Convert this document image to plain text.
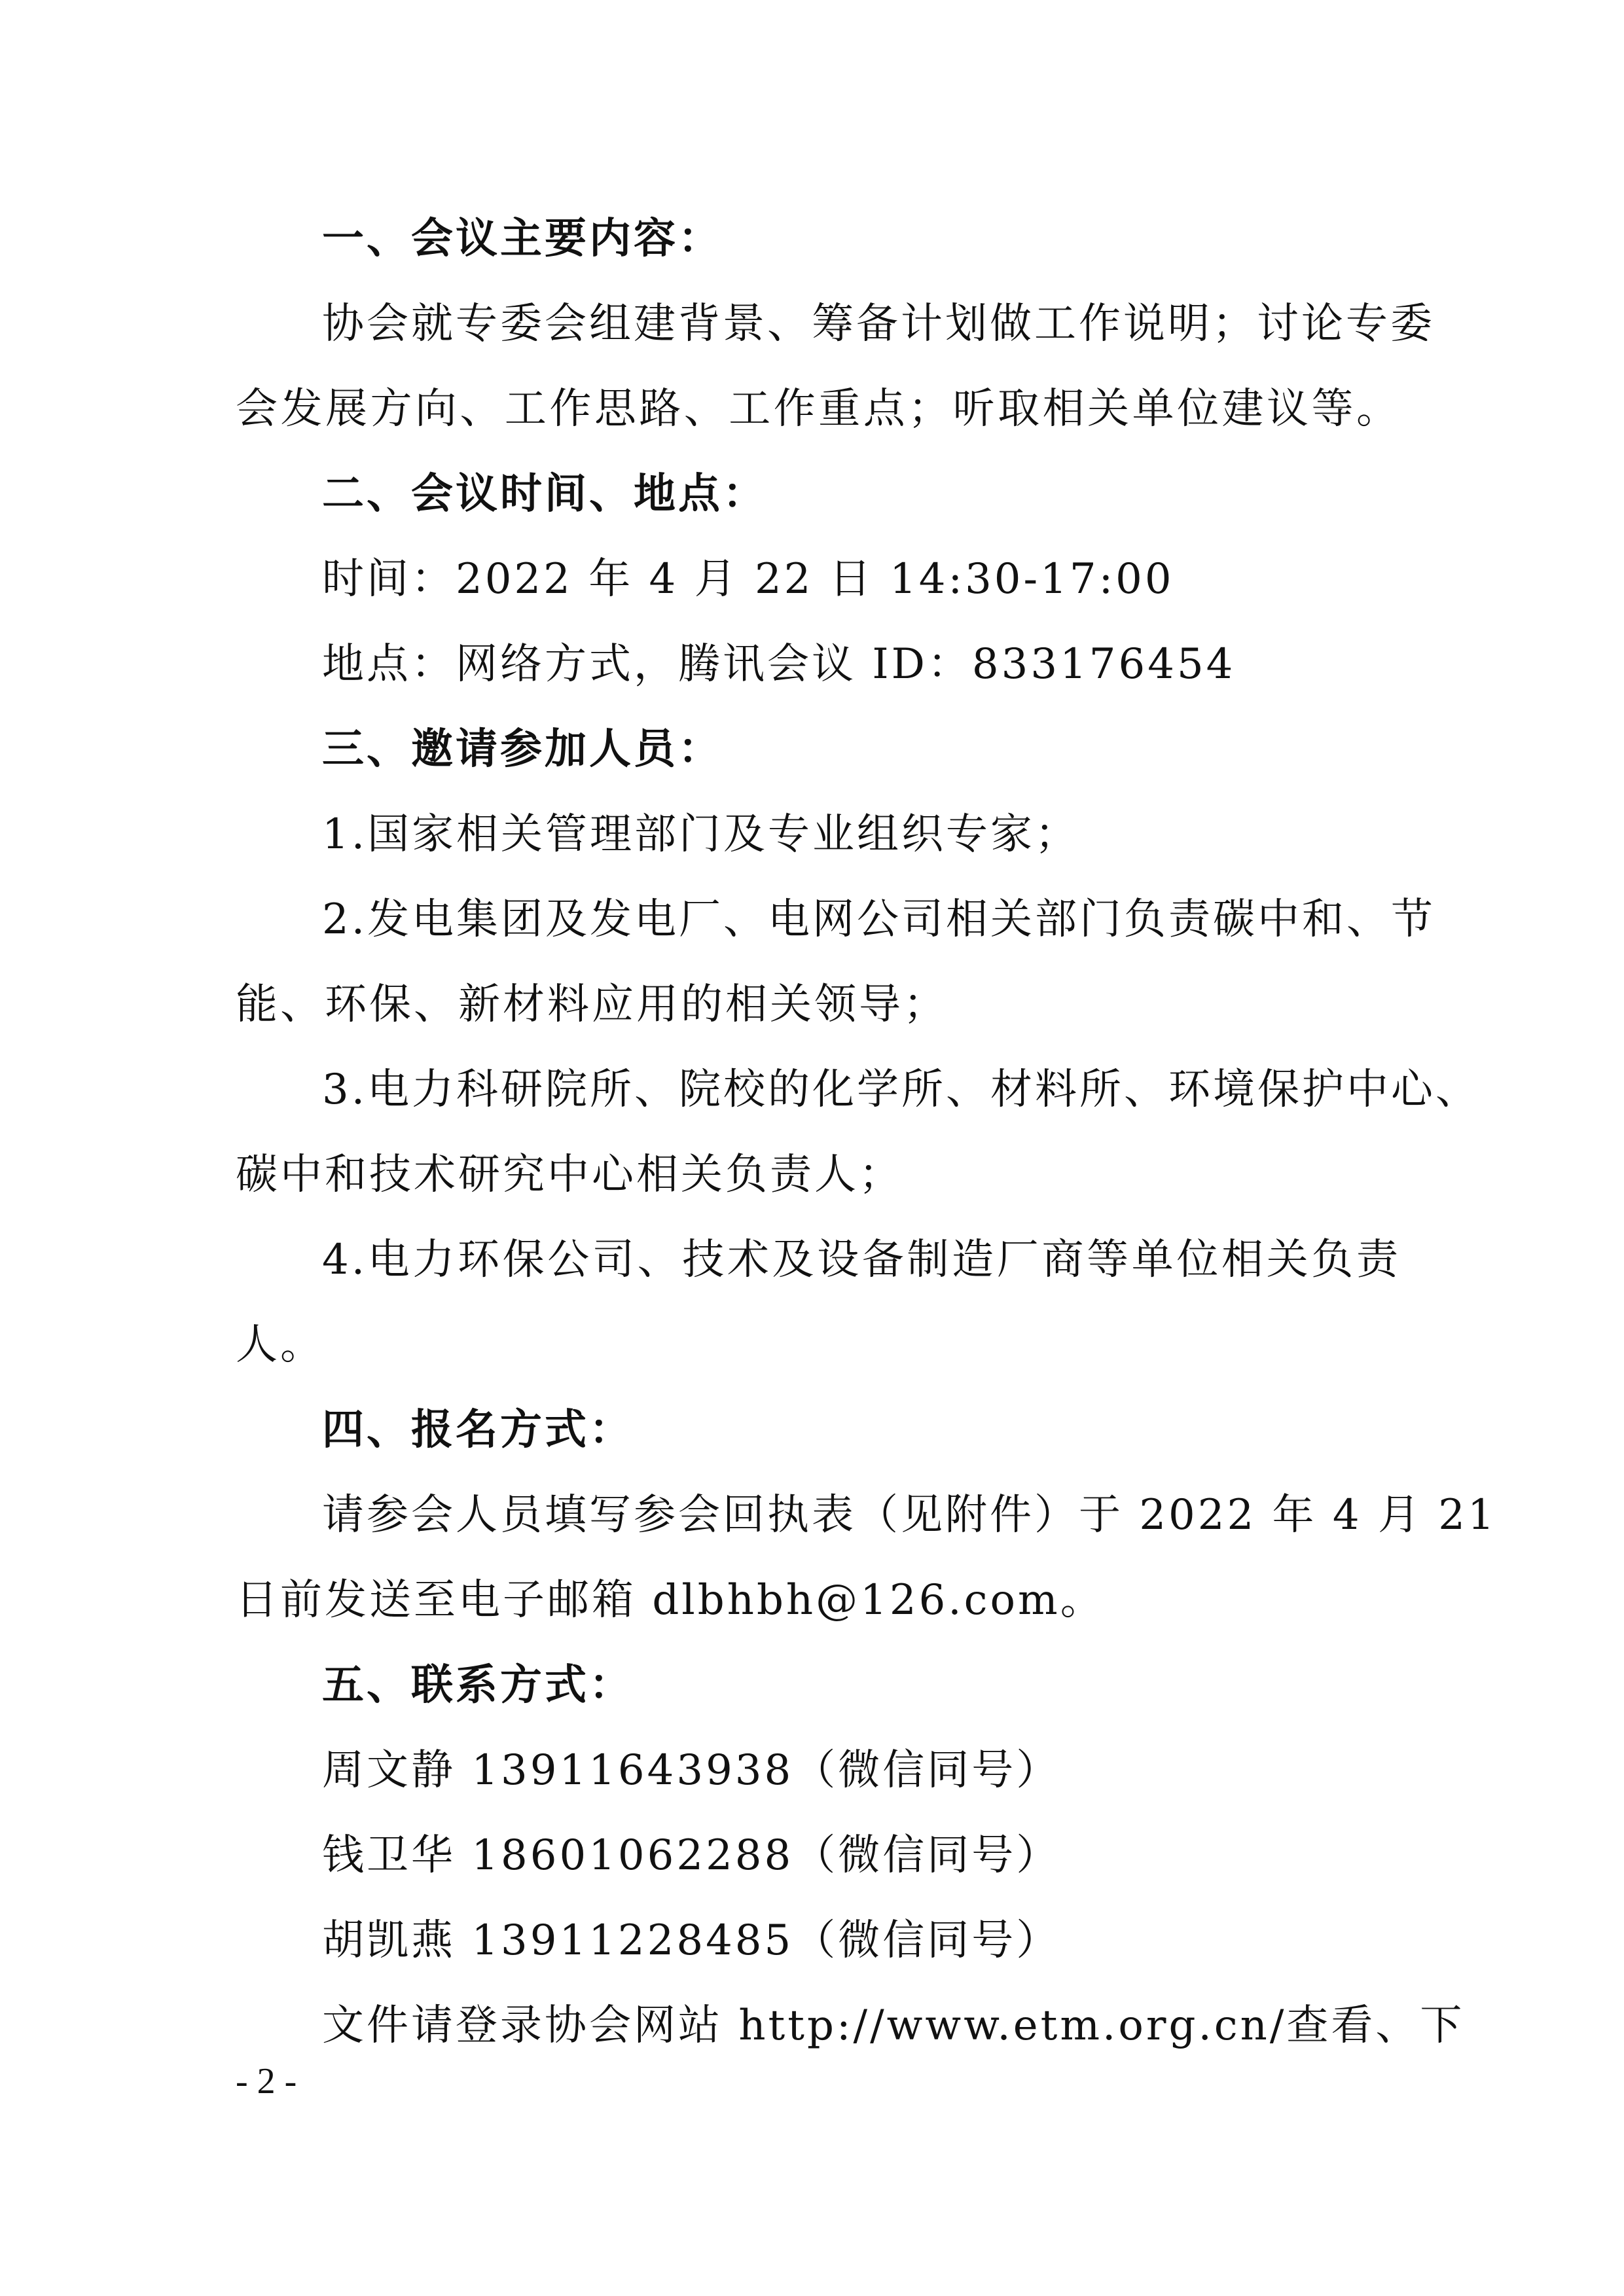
一、会议主要内容：
协会就专委会组建背景、筹备计划做工作说明；讨论专委
会发展方向、工作思路、工作重点；听取相关单位建议等。
二、会议时间、地点：
时间：2022 年 4 月 22 日 14:30-17:00
地点：网络方式，腾讯会议 ID：833176454
三、邀请参加人员：
1.国家相关管理部门及专业组织专家；
2.发电集团及发电厂、电网公司相关部门负责碳中和、节
能、环保、新材料应用的相关领导；
3.电力科研院所、院校的化学所、材料所、环境保护中心、
碳中和技术研究中心相关负责人；
4.电力环保公司、技术及设备制造厂商等单位相关负责
人。
四、报名方式：
请参会人员填写参会回执表（见附件）于 2022 年 4 月 21
日前发送至电子邮箱 dlbhbh@126.com。
五、联系方式：
周文静 13911643938（微信同号）
钱卫华 18601062288（微信同号）
胡凯燕 13911228485（微信同号）
文件请登录协会网站 http://www.etm.org.cn/查看、下
- 2 -
